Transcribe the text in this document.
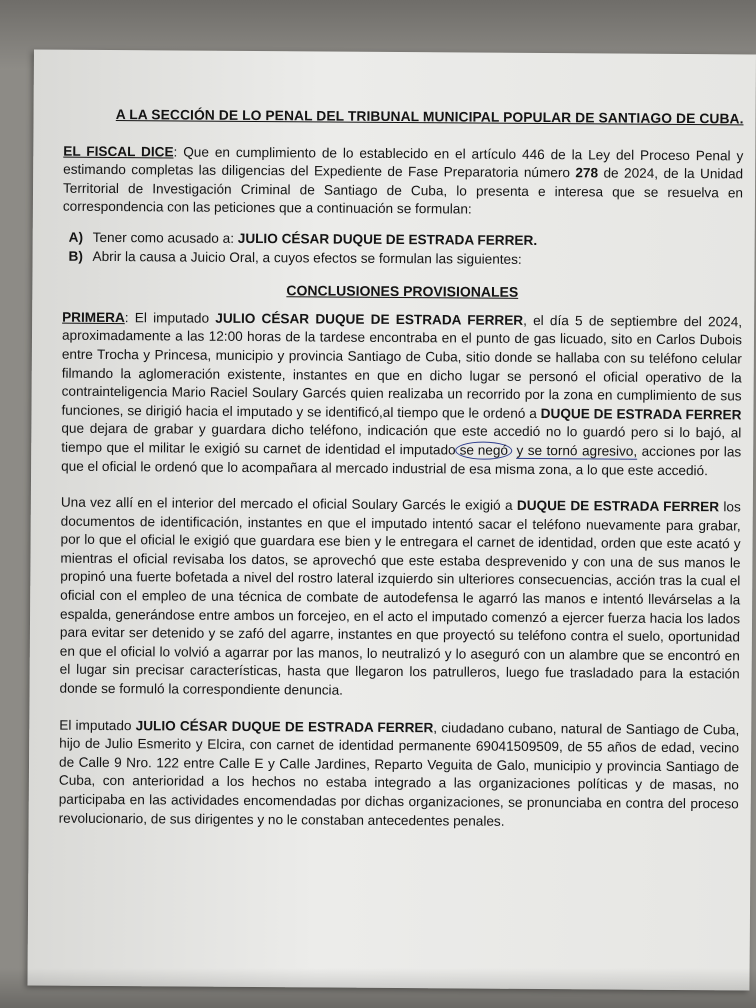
A LA SECCIÓN DE LO PENAL DEL TRIBUNAL MUNICIPAL POPULAR DE SANTIAGO DE CUBA.

EL FISCAL DICE: Que en cumplimiento de lo establecido en el artículo 446 de la Ley del Proceso Penal y estimando completas las diligencias del Expediente de Fase Preparatoria número 278 de 2024, de la Unidad Territorial de Investigación Criminal de Santiago de Cuba, lo presenta e interesa que se resuelva en correspondencia con las peticiones que a continuación se formulan:

A) Tener como acusado a: JULIO CÉSAR DUQUE DE ESTRADA FERRER.

B) Abrir la causa a Juicio Oral, a cuyos efectos se formulan las siguientes:

CONCLUSIONES PROVISIONALES

PRIMERA: El imputado JULIO CÉSAR DUQUE DE ESTRADA FERRER, el día 5 de septiembre del 2024, aproximadamente a las 12:00 horas de la tardese encontraba en el punto de gas licuado, sito en Carlos Dubois entre Trocha y Princesa, municipio y provincia Santiago de Cuba, sitio donde se hallaba con su teléfono celular filmando la aglomeración existente, instantes en que en dicho lugar se personó el oficial operativo de la contrainteligencia Mario Raciel Soulary Garcés quien realizaba un recorrido por la zona en cumplimiento de sus funciones, se dirigió hacia el imputado y se identificó,al tiempo que le ordenó a DUQUE DE ESTRADA FERRER que dejara de grabar y guardara dicho teléfono, indicación que este accedió no lo guardó pero si lo bajó, al tiempo que el militar le exigió su carnet de identidad el imputado se negó y se tornó agresivo, acciones por las que el oficial le ordenó que lo acompañara al mercado industrial de esa misma zona, a lo que este accedió.

Una vez allí en el interior del mercado el oficial Soulary Garcés le exigió a DUQUE DE ESTRADA FERRER los documentos de identificación, instantes en que el imputado intentó sacar el teléfono nuevamente para grabar, por lo que el oficial le exigió que guardara ese bien y le entregara el carnet de identidad, orden que este acató y mientras el oficial revisaba los datos, se aprovechó que este estaba desprevenido y con una de sus manos le propinó una fuerte bofetada a nivel del rostro lateral izquierdo sin ulteriores consecuencias, acción tras la cual el oficial con el empleo de una técnica de combate de autodefensa le agarró las manos e intentó llevárselas a la espalda, generándose entre ambos un forcejeo, en el acto el imputado comenzó a ejercer fuerza hacia los lados para evitar ser detenido y se zafó del agarre, instantes en que proyectó su teléfono contra el suelo, oportunidad en que el oficial lo volvió a agarrar por las manos, lo neutralizó y lo aseguró con un alambre que se encontró en el lugar sin precisar características, hasta que llegaron los patrulleros, luego fue trasladado para la estación donde se formuló la correspondiente denuncia.

El imputado JULIO CÉSAR DUQUE DE ESTRADA FERRER, ciudadano cubano, natural de Santiago de Cuba, hijo de Julio Esmerito y Elcira, con carnet de identidad permanente 69041509509, de 55 años de edad, vecino de Calle 9 Nro. 122 entre Calle E y Calle Jardines, Reparto Veguita de Galo, municipio y provincia Santiago de Cuba, con anterioridad a los hechos no estaba integrado a las organizaciones políticas y de masas, no participaba en las actividades encomendadas por dichas organizaciones, se pronunciaba en contra del proceso revolucionario, de sus dirigentes y no le constaban antecedentes penales.
